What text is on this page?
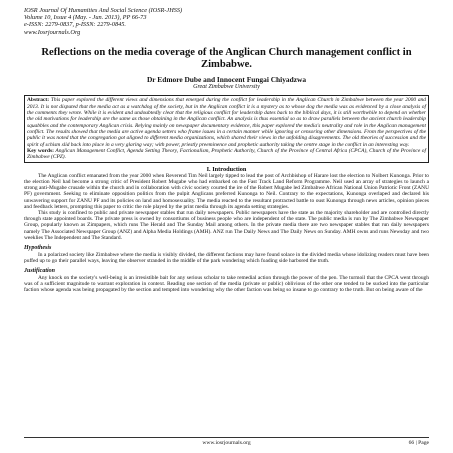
IOSR Journal Of Humanities And Social Science (IOSR-JHSS)
Volume 10, Issue 4 (May. - Jun. 2013), PP 66-73
e-ISSN: 2279-0837, p-ISSN: 2279-0845.
www.Iosrjournals.Org
Reflections on the media coverage of the Anglican Church management conflict in Zimbabwe.
Dr Edmore Dube and Innocent Fungai Chiyadzwa
Great Zimbabwe University
Abstract: This paper explored the different views and dimensions that emerged during the conflict for leadership in the Anglican Church in Zimbabwe between the year 2000 and 2013. It is not disputed that the media act as a watchdog of the society, but in the Anglican conflict it is a mystery as to whose dog the media was as evidenced by a close analysis of the comments they wrote. While it is evident and undoubtedly clear that the religious conflict for leadership dates back to the biblical days, it is still worthwhile to depend on whether the old motivations for leadership are the same as those obtaining in the Anglican conflict. An analysis is thus essential so as to draw parallels between the ancient church leadership squabbles and the contemporary Anglican crisis. Relying mainly on newspaper documentary evidence, this paper explored the media's neutrality and role in the Anglican management conflict. The results showed that the media are active agenda setters who frame issues in a certain manner while ignoring or censoring other dimensions. From the perspectives of the public it was noted that the congregation got aligned to different media organizations, which shared their views in the unfolding disagreements. The old theories of succession and the spirit of schism slid back into place in a very glaring way; with power, priestly preeminence and prophetic authority taking the centre stage in the conflict in an interesting way.
Key words: Anglican Management Conflict, Agenda Setting Theory, Factionalism, Prophetic Authority, Church of the Province of Central Africa (CPCA), Church of the Province of Zimbabwe (CPZ).
I. Introduction

The Anglican conflict emanated from the year 2000 when Reverend Tim Neil largely tipped to lead the post of Archbishop of Harare lost the election to Nolbert Kunonga. Prior to the election Neil had become a strong critic of President Robert Mugabe who had embarked on the Fast Track Land Reform Programme. Neil used an array of strategies to launch a strong anti-Mugabe crusade within the church and in collaboration with civic society courted the ire of the Robert Mugabe led Zimbabwe African National Union Patriotic Front (ZANU PF) government. Seeking to eliminate opposition politics from the pulpit Anglicans preferred Kunonga to Neil. Contrary to the expectations, Kunonga overlaped and declared his unwavering support for ZANU PF and its policies on land and homosexuality. The media reacted to the resultant protracted battle to oust Kunonga through news articles, opinion pieces and feedback letters, prompting this paper to critic the role played by the print media through its agenda setting strategies.

This study is confined to public and private newspaper stables that run daily newspapers. Public newspapers have the state as the majority shareholder and are controlled directly through state appointed boards. The private press is owned by consortiums of business people who are independent of the state. The public media is run by The Zimbabwe Newspaper Group, popularly known as Zimpapers, which runs The Herald and The Sunday Mail among others. In the private media there are two newspaper stables that run daily newspapers namely The Associated Newspaper Group (ANZ) and Alpha Media Holdings (AMH). ANZ run The Daily News and The Daily News on Sunday. AMH owns and runs Newsday and two weeklies The Independent and The Standard.

Hypothesis

In a polarized society like Zimbabwe where the media is visibly divided, the different factions may have found solace in the divided media whose idolizing readers must have been puffed up to go their parallel ways, leaving the observer stranded in the middle of the park wondering which foading side harbored the truth.

Justification

Any knock on the society's well-being is an irresistible bait for any serious scholar to take remedial action through the power of the pen. The turmoil that the CPCA went through was of a sufficient magnitude to warrant exploration in context. Reading one section of the media (private or public) oblivious of the other one tended to be sucked into the particular faction whose agenda was being propagated by the section and tempted into wondering why the other faction was being so insane to go contrary to the truth. But on being aware of the

www.iosrjournals.org	66 | Page
